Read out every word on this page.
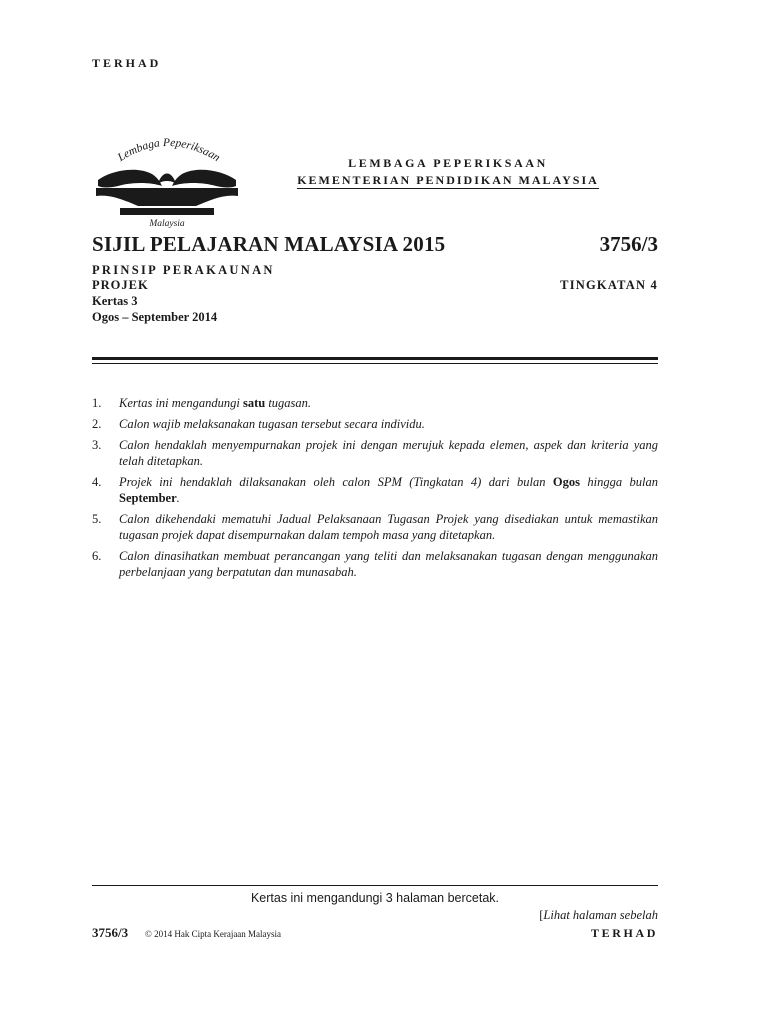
TERHAD
Lembaga Peperiksaan
Malaysia
LEMBAGA PEPERIKSAAN
KEMENTERIAN PENDIDIKAN MALAYSIA
SIJIL PELAJARAN MALAYSIA 2015	3756/3
PRINSIP PERAKAUNAN
PROJEK	TINGKATAN 4
Kertas 3
Ogos – September 2014
1. Kertas ini mengandungi satu tugasan.
2. Calon wajib melaksanakan tugasan tersebut secara individu.
3. Calon hendaklah menyempurnakan projek ini dengan merujuk kepada elemen, aspek dan kriteria yang telah ditetapkan.
4. Projek ini hendaklah dilaksanakan oleh calon SPM (Tingkatan 4) dari bulan Ogos hingga bulan September.
5. Calon dikehendaki mematuhi Jadual Pelaksanaan Tugasan Projek yang disediakan untuk memastikan tugasan projek dapat disempurnakan dalam tempoh masa yang ditetapkan.
6. Calon dinasihatkan membuat perancangan yang teliti dan melaksanakan tugasan dengan menggunakan perbelanjaan yang berpatutan dan munasabah.
Kertas ini mengandungi 3 halaman bercetak.
[Lihat halaman sebelah
3756/3 © 2014 Hak Cipta Kerajaan Malaysia	TERHAD
